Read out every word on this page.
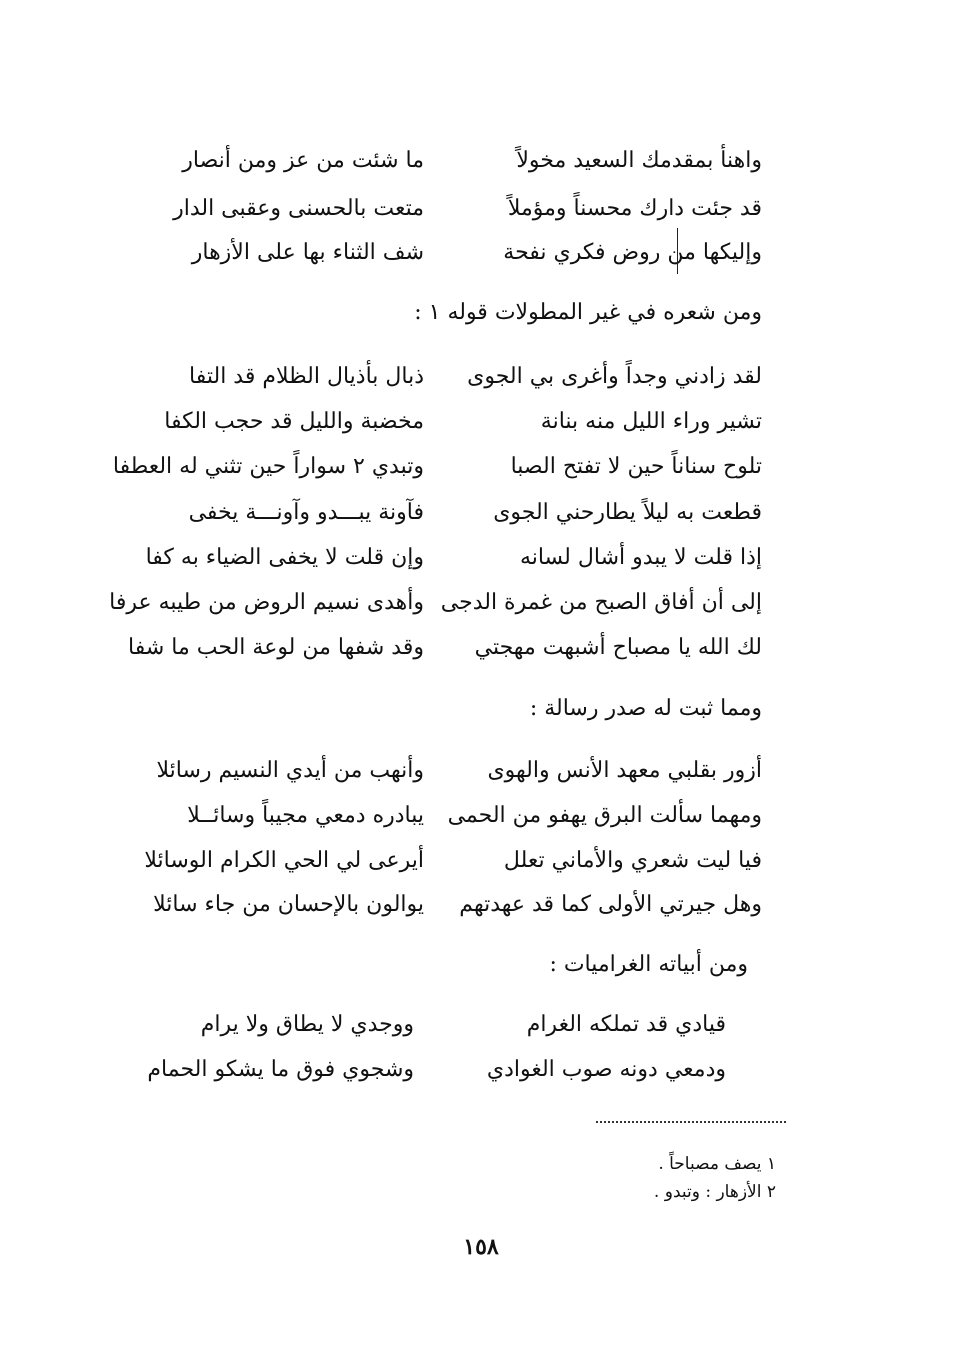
واهنأ بمقدمك السعيد مخولاً
ما شئت من عز ومن أنصار
قد جئت دارك محسناً ومؤملاً
متعت بالحسنى وعقبى الدار
وإليكها من روض فكري نفحة
شف الثناء بها على الأزهار
ومن شعره في غير المطولات قوله ١ :
لقد زادني وجداً وأغرى بي الجوى
ذبال بأذيال الظلام قد التفا
تشير وراء الليل منه بنانة
مخضبة والليل قد حجب الكفا
تلوح سناناً حين لا تفتح الصبا
وتبدي ٢ سواراً حين تثني له العطفا
قطعت به ليلاً يطارحني الجوى
فآونة يبـــدو وآونـــة يخفى
إذا قلت لا يبدو أشال لسانه
وإن قلت لا يخفى الضياء به كفا
إلى أن أفاق الصبح من غمرة الدجى
وأهدى نسيم الروض من طيبه عرفا
لك الله يا مصباح أشبهت مهجتي
وقد شفها من لوعة الحب ما شفا
ومما ثبت له صدر رسالة :
أزور بقلبي معهد الأنس والهوى
وأنهب من أيدي النسيم رسائلا
ومهما سألت البرق يهفو من الحمى
يبادره دمعي مجيباً وسائــلا
فيا ليت شعري والأماني تعلل
أيرعى لي الحي الكرام الوسائلا
وهل جيرتي الأولى كما قد عهدتهم
يوالون بالإحسان من جاء سائلا
ومن أبياته الغراميات :
قيادي قد تملكه الغرام
ووجدي لا يطاق ولا يرام
ودمعي دونه صوب الغوادي
وشجوي فوق ما يشكو الحمام
١ يصف مصباحاً .
٢ الأزهار : وتبدو .
١٥٨
